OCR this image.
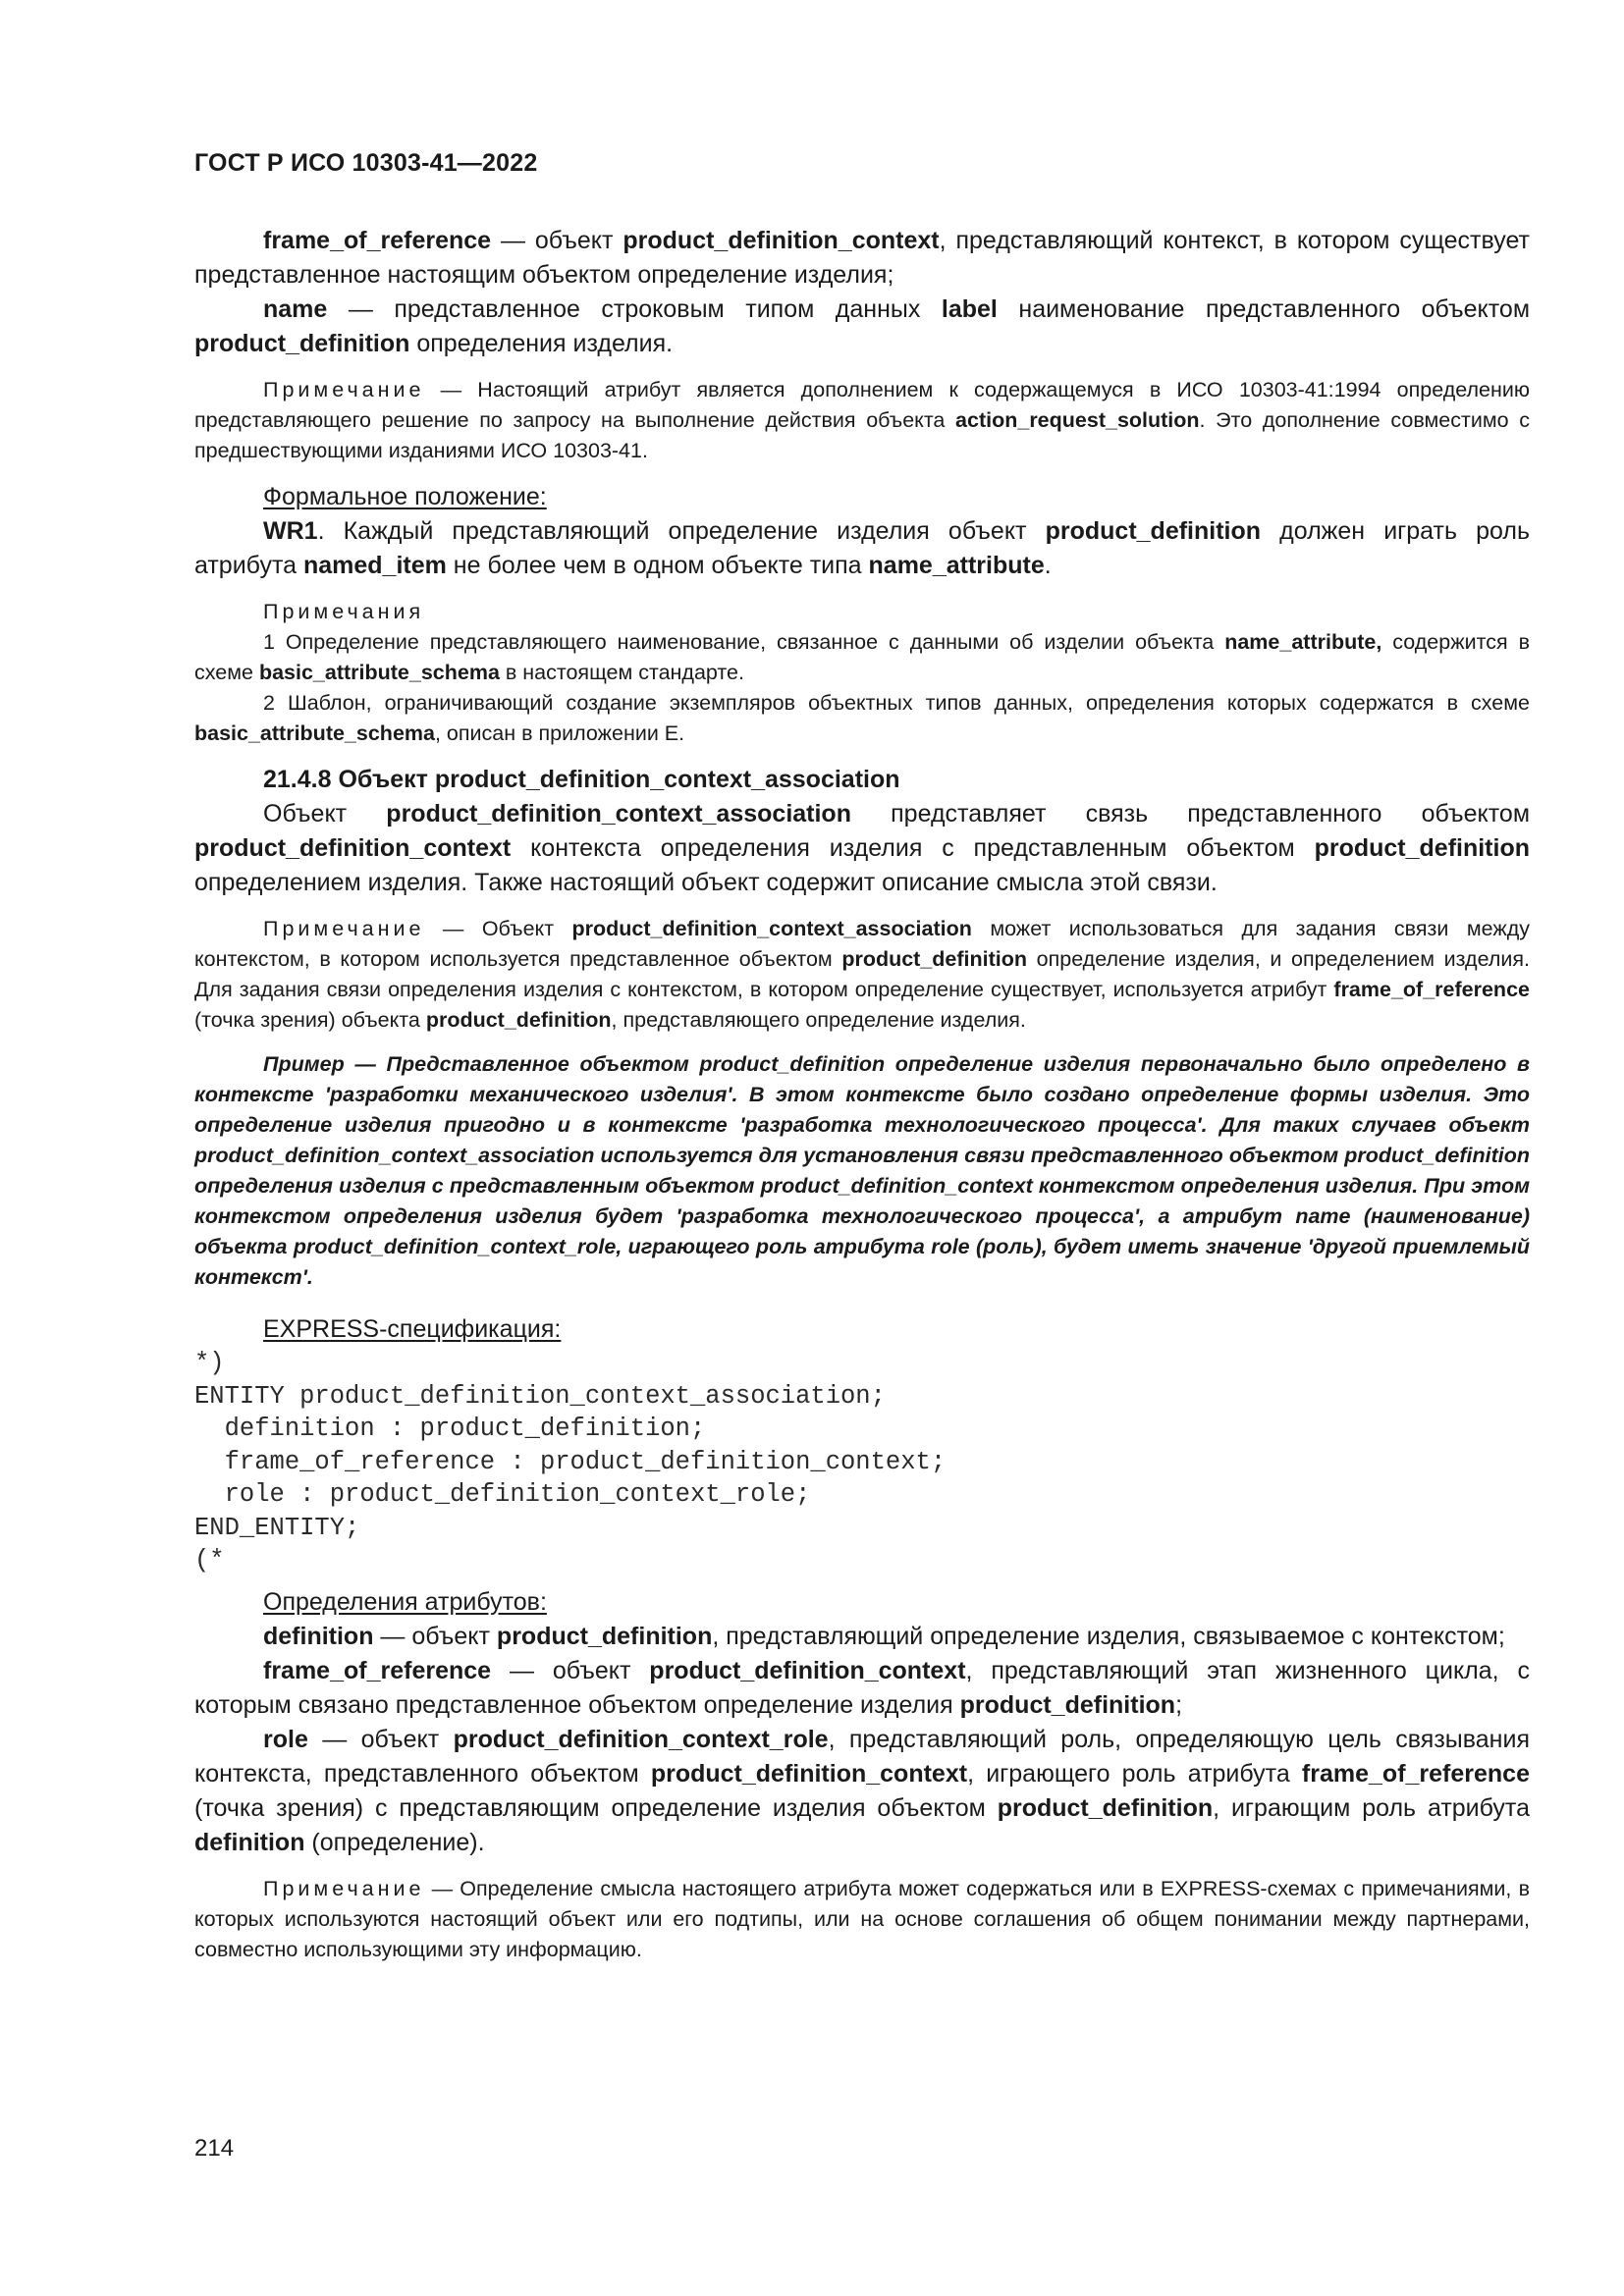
ГОСТ Р ИСО 10303-41—2022

frame_of_reference — объект product_definition_context, представляющий контекст, в котором существует представленное настоящим объектом определение изделия;

name — представленное строковым типом данных label наименование представленного объектом product_definition определения изделия.

Примечание — Настоящий атрибут является дополнением к содержащемуся в ИСО 10303-41:1994 определению представляющего решение по запросу на выполнение действия объекта action_request_solution. Это дополнение совместимо с предшествующими изданиями ИСО 10303-41.

Формальное положение:

WR1. Каждый представляющий определение изделия объект product_definition должен играть роль атрибута named_item не более чем в одном объекте типа name_attribute.

Примечания

1 Определение представляющего наименование, связанное с данными об изделии объекта name_attribute, содержится в схеме basic_attribute_schema в настоящем стандарте.

2 Шаблон, ограничивающий создание экземпляров объектных типов данных, определения которых содержатся в схеме basic_attribute_schema, описан в приложении Е.

21.4.8 Объект product_definition_context_association

Объект product_definition_context_association представляет связь представленного объектом product_definition_context контекста определения изделия с представленным объектом product_definition определением изделия. Также настоящий объект содержит описание смысла этой связи.

Примечание — Объект product_definition_context_association может использоваться для задания связи между контекстом, в котором используется представленное объектом product_definition определение изделия, и определением изделия. Для задания связи определения изделия с контекстом, в котором определение существует, используется атрибут frame_of_reference (точка зрения) объекта product_definition, представляющего определение изделия.

Пример — Представленное объектом product_definition определение изделия первоначально было определено в контексте 'разработки механического изделия'. В этом контексте было создано определение формы изделия. Это определение изделия пригодно и в контексте 'разработка технологического процесса'. Для таких случаев объект product_definition_context_association используется для установления связи представленного объектом product_definition определения изделия с представленным объектом product_definition_context контекстом определения изделия. При этом контекстом определения изделия будет 'разработка технологического процесса', а атрибут name (наименование) объекта product_definition_context_role, играющего роль атрибута role (роль), будет иметь значение 'другой приемлемый контекст'.

EXPRESS-спецификация:

*)
ENTITY product_definition_context_association;
definition : product_definition;
frame_of_reference : product_definition_context;
role : product_definition_context_role;
END_ENTITY;
(*

Определения атрибутов:

definition — объект product_definition, представляющий определение изделия, связываемое с контекстом;

frame_of_reference — объект product_definition_context, представляющий этап жизненного цикла, с которым связано представленное объектом определение изделия product_definition;

role — объект product_definition_context_role, представляющий роль, определяющую цель связывания контекста, представленного объектом product_definition_context, играющего роль атрибута frame_of_reference (точка зрения) с представляющим определение изделия объектом product_definition, играющим роль атрибута definition (определение).

Примечание — Определение смысла настоящего атрибута может содержаться или в EXPRESS-схемах с примечаниями, в которых используются настоящий объект или его подтипы, или на основе соглашения об общем понимании между партнерами, совместно использующими эту информацию.

214
